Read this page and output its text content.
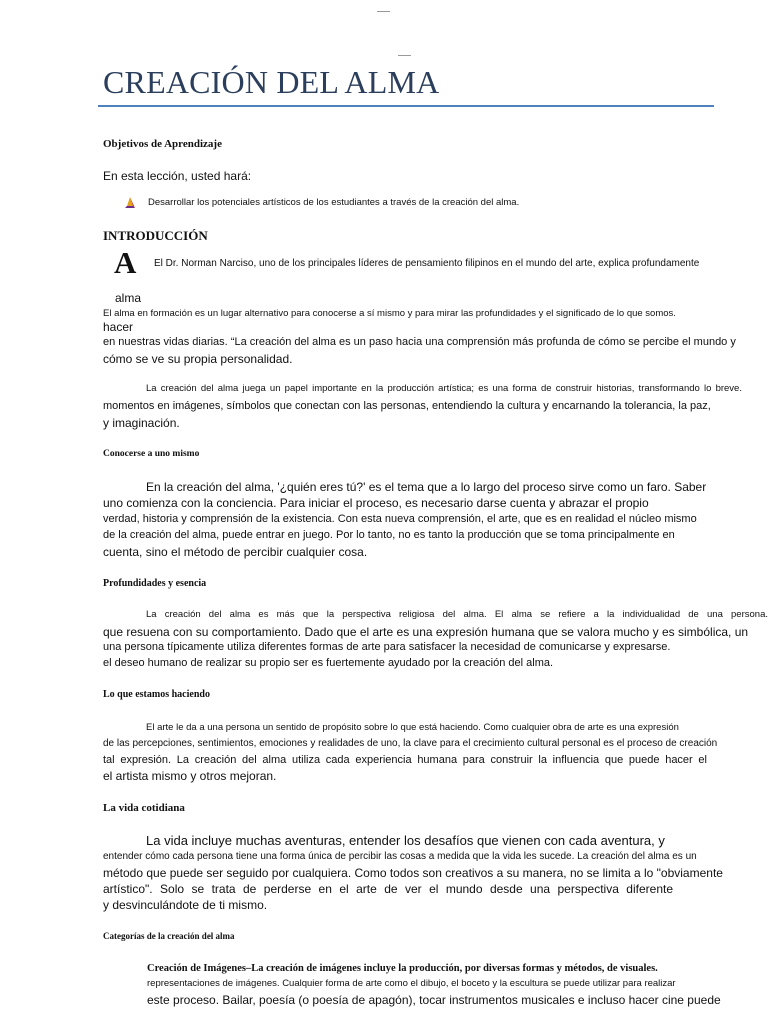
CREACIÓN DEL ALMA
Objetivos de Aprendizaje
En esta lección, usted hará:
Desarrollar los potenciales artísticos de los estudiantes a través de la creación del alma.
INTRODUCCIÓN
A El Dr. Norman Narciso, uno de los principales líderes de pensamiento filipinos en el mundo del arte, explica profundamente
alma
El alma en formación es un lugar alternativo para conocerse a sí mismo y para mirar las profundidades y el significado de lo que somos.
hacer
en nuestras vidas diarias. “La creación del alma es un paso hacia una comprensión más profunda de cómo se percibe el mundo y
cómo se ve su propia personalidad.
La creación del alma juega un papel importante en la producción artística; es una forma de construir historias, transformando lo breve.
momentos en imágenes, símbolos que conectan con las personas, entendiendo la cultura y encarnando la tolerancia, la paz,
y imaginación.
Conocerse a uno mismo
En la creación del alma, '¿quién eres tú?' es el tema que a lo largo del proceso sirve como un faro. Saber
uno comienza con la conciencia. Para iniciar el proceso, es necesario darse cuenta y abrazar el propio
verdad, historia y comprensión de la existencia. Con esta nueva comprensión, el arte, que es en realidad el núcleo mismo
de la creación del alma, puede entrar en juego. Por lo tanto, no es tanto la producción que se toma principalmente en
cuenta, sino el método de percibir cualquier cosa.
Profundidades y esencia
La creación del alma es más que la perspectiva religiosa del alma. El alma se refiere a la individualidad de una persona.
que resuena con su comportamiento. Dado que el arte es una expresión humana que se valora mucho y es simbólica, un
una persona típicamente utiliza diferentes formas de arte para satisfacer la necesidad de comunicarse y expresarse.
el deseo humano de realizar su propio ser es fuertemente ayudado por la creación del alma.
Lo que estamos haciendo
El arte le da a una persona un sentido de propósito sobre lo que está haciendo. Como cualquier obra de arte es una expresión
de las percepciones, sentimientos, emociones y realidades de uno, la clave para el crecimiento cultural personal es el proceso de creación
tal expresión. La creación del alma utiliza cada experiencia humana para construir la influencia que puede hacer el
el artista mismo y otros mejoran.
La vida cotidiana
La vida incluye muchas aventuras, entender los desafíos que vienen con cada aventura, y
entender cómo cada persona tiene una forma única de percibir las cosas a medida que la vida les sucede. La creación del alma es un
método que puede ser seguido por cualquiera. Como todos son creativos a su manera, no se limita a lo "obviamente
artístico". Solo se trata de perderse en el arte de ver el mundo desde una perspectiva diferente
y desvinculándote de ti mismo.
Categorías de la creación del alma
Creación de Imágenes–La creación de imágenes incluye la producción, por diversas formas y métodos, de visuales.
representaciones de imágenes. Cualquier forma de arte como el dibujo, el boceto y la escultura se puede utilizar para realizar
este proceso. Bailar, poesía (o poesía de apagón), tocar instrumentos musicales e incluso hacer cine puede
